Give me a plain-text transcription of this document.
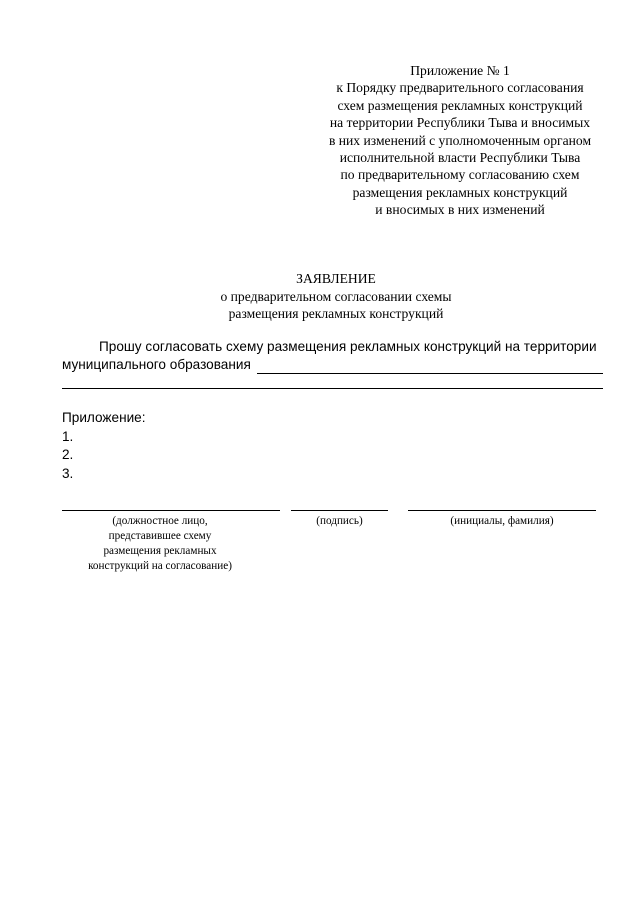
Приложение № 1
к Порядку предварительного согласования
схем размещения рекламных конструкций
на территории Республики Тыва и вносимых
в них изменений с уполномоченным органом
исполнительной власти Республики Тыва
по предварительному согласованию схем
размещения рекламных конструкций
и вносимых в них изменений
ЗАЯВЛЕНИЕ
о предварительном согласовании схемы
размещения рекламных конструкций
Прошу согласовать схему размещения рекламных конструкций на территории
муниципального образования
Приложение:
1.
2.
3.
(должностное лицо,
представившее схему
размещения рекламных
конструкций на согласование)
(подпись)	(инициалы, фамилия)
